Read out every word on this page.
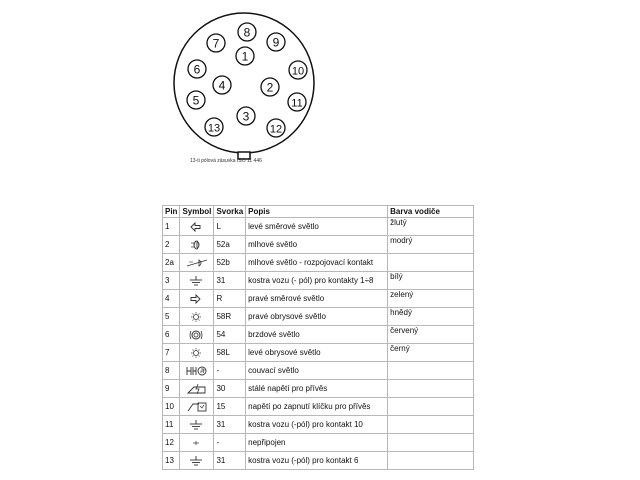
1
2
3
4
5
6
7
8
9
10
11
12
13
13-ti pólová zásuvka ISO 11 446
Pin	Symbol	Svorka	Popis	Barva vodiče
1		L	levé směrové světlo	žlutý
2		52a	mlhové světlo	modrý
2a		52b	mlhové světlo - rozpojovací kontakt	
3		31	kostra vozu (- pól) pro kontakty 1÷8	bílý
4		R	pravé směrové světlo	zelený
5		58R	pravé obrysové světlo	hnědý
6		54	brzdové světlo	červený
7		58L	levé obrysové světlo	černý
8		-	couvací světlo	
9		30	stálé napětí pro přívěs	
10		15	napětí po zapnutí klíčku pro přívěs	
11		31	kostra vozu (-pól) pro kontakt 10	
12		-	nepřipojen	
13		31	kostra vozu (-pól) pro kontakt 6	
